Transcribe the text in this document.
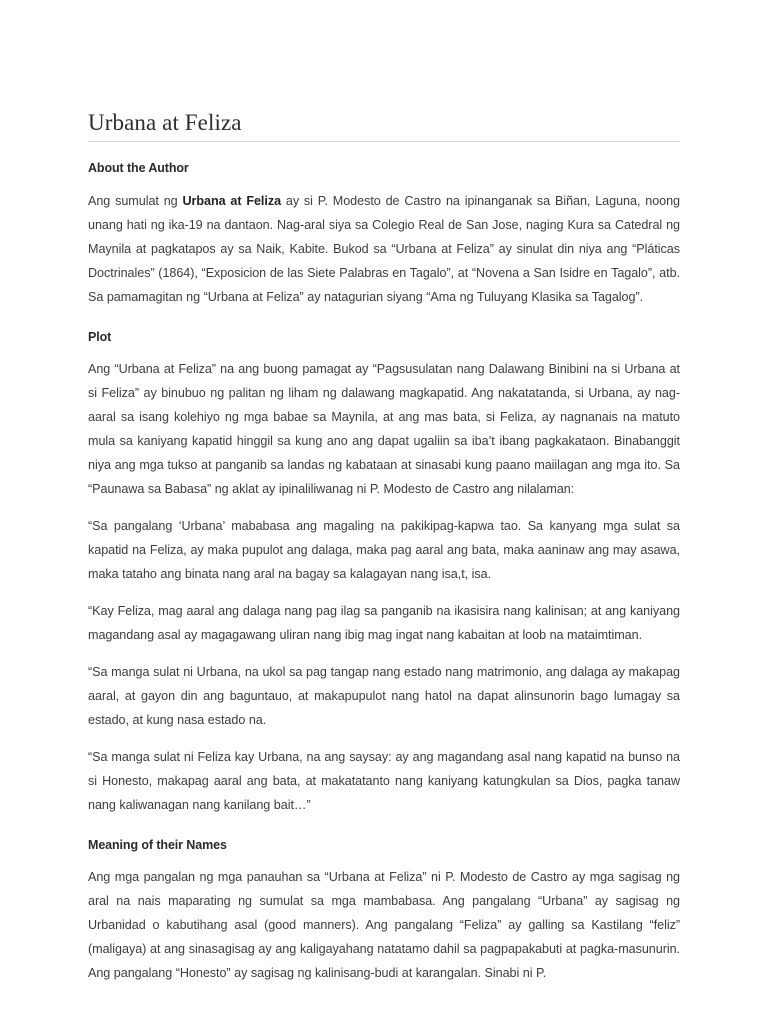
Urbana at Feliza
About the Author

Ang sumulat ng Urbana at Feliza ay si P. Modesto de Castro na ipinanganak sa Biñan, Laguna, noong unang hati ng ika-19 na dantaon. Nag-aral siya sa Colegio Real de San Jose, naging Kura sa Catedral ng Maynila at pagkatapos ay sa Naik, Kabite. Bukod sa “Urbana at Feliza” ay sinulat din niya ang “Pláticas Doctrinales” (1864), “Exposicion de las Siete Palabras en Tagalo”, at “Novena a San Isidre en Tagalo”, atb. Sa pamamagitan ng “Urbana at Feliza” ay natagurian siyang “Ama ng Tuluyang Klasika sa Tagalog”.

Plot

Ang “Urbana at Feliza” na ang buong pamagat ay “Pagsusulatan nang Dalawang Binibini na si Urbana at si Feliza” ay binubuo ng palitan ng liham ng dalawang magkapatid. Ang nakatatanda, si Urbana, ay nag-aaral sa isang kolehiyo ng mga babae sa Maynila, at ang mas bata, si Feliza, ay nagnanais na matuto mula sa kaniyang kapatid hinggil sa kung ano ang dapat ugaliin sa iba’t ibang pagkakataon. Binabanggit niya ang mga tukso at panganib sa landas ng kabataan at sinasabi kung paano maiilagan ang mga ito. Sa “Paunawa sa Babasa” ng aklat ay ipinaliliwanag ni P. Modesto de Castro ang nilalaman:

“Sa pangalang ‘Urbana’ mababasa ang magaling na pakikipag-kapwa tao. Sa kanyang mga sulat sa kapatid na Feliza, ay maka pupulot ang dalaga, maka pag aaral ang bata, maka aaninaw ang may asawa, maka tataho ang binata nang aral na bagay sa kalagayan nang isa,t, isa.

“Kay Feliza, mag aaral ang dalaga nang pag ilag sa panganib na ikasisira nang kalinisan; at ang kaniyang magandang asal ay magagawang uliran nang ibig mag ingat nang kabaitan at loob na mataimtiman.

“Sa manga sulat ni Urbana, na ukol sa pag tangap nang estado nang matrimonio, ang dalaga ay makapag aaral, at gayon din ang baguntauo, at makapupulot nang hatol na dapat alinsunorin bago lumagay sa estado, at kung nasa estado na.

“Sa manga sulat ni Feliza kay Urbana, na ang saysay: ay ang magandang asal nang kapatid na bunso na si Honesto, makapag aaral ang bata, at makatatanto nang kaniyang katungkulan sa Dios, pagka tanaw nang kaliwanagan nang kanilang bait…”

Meaning of their Names

Ang mga pangalan ng mga panauhan sa “Urbana at Feliza” ni P. Modesto de Castro ay mga sagisag ng aral na nais maparating ng sumulat sa mga mambabasa. Ang pangalang “Urbana” ay sagisag ng Urbanidad o kabutihang asal (good manners). Ang pangalang “Feliza” ay galling sa Kastilang “feliz” (maligaya) at ang sinasagisag ay ang kaligayahang natatamo dahil sa pagpapakabuti at pagka-masunurin. Ang pangalang “Honesto” ay sagisag ng kalinisang-budi at karangalan. Sinabi ni P.
